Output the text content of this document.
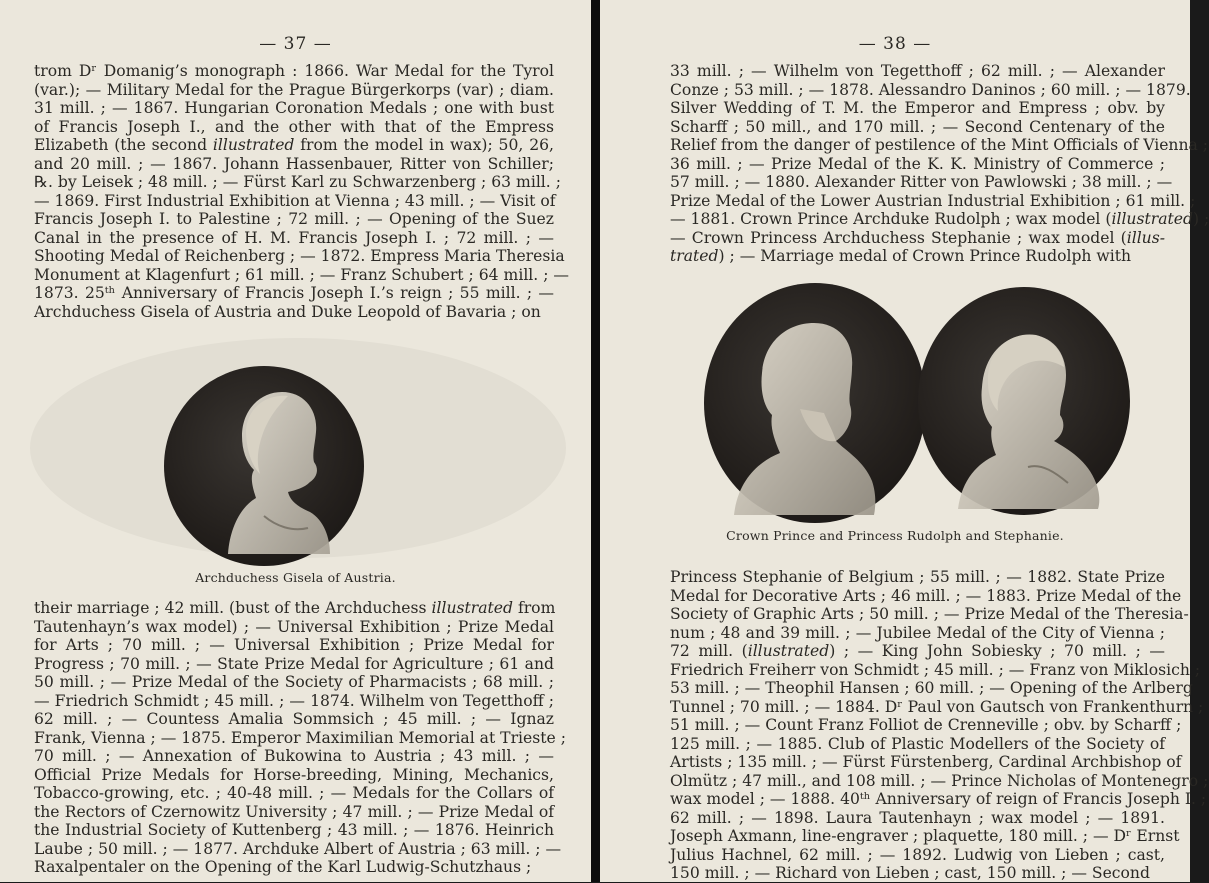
— 37 —
trom Dʳ Domanig’s monograph : 1866. War Medal for the Tyrol
(var.); — Military Medal for the Prague Bürgerkorps (var) ; diam.
31 mill. ; — 1867. Hungarian Coronation Medals ; one with bust
of Francis Joseph I., and the other with that of the Empress
Elizabeth (the second illustrated from the model in wax); 50, 26,
and 20 mill. ; — 1867. Johann Hassenbauer, Ritter von Schiller;
℞. by Leisek ; 48 mill. ; — Fürst Karl zu Schwarzenberg ; 63 mill. ;
— 1869. First Industrial Exhibition at Vienna ; 43 mill. ; — Visit of
Francis Joseph I. to Palestine ; 72 mill. ; — Opening of the Suez
Canal in the presence of H. M. Francis Joseph I. ; 72 mill. ; —
Shooting Medal of Reichenberg ; — 1872. Empress Maria Theresia
Monument at Klagenfurt ; 61 mill. ; — Franz Schubert ; 64 mill. ; —
1873. 25ᵗʰ Anniversary of Francis Joseph I.’s reign ; 55 mill. ; —
Archduchess Gisela of Austria and Duke Leopold of Bavaria ; on
Archduchess Gisela of Austria.
their marriage ; 42 mill. (bust of the Archduchess illustrated from
Tautenhayn’s wax model) ; — Universal Exhibition ; Prize Medal
for Arts ; 70 mill. ; — Universal Exhibition ; Prize Medal for
Progress ; 70 mill. ; — State Prize Medal for Agriculture ; 61 and
50 mill. ; — Prize Medal of the Society of Pharmacists ; 68 mill. ;
— Friedrich Schmidt ; 45 mill. ; — 1874. Wilhelm von Tegetthoff ;
62 mill. ; — Countess Amalia Sommsich ; 45 mill. ; — Ignaz
Frank, Vienna ; — 1875. Emperor Maximilian Memorial at Trieste ;
70 mill. ; — Annexation of Bukowina to Austria ; 43 mill. ; —
Official Prize Medals for Horse-breeding, Mining, Mechanics,
Tobacco-growing, etc. ; 40-48 mill. ; — Medals for the Collars of
the Rectors of Czernowitz University ; 47 mill. ; — Prize Medal of
the Industrial Society of Kuttenberg ; 43 mill. ; — 1876. Heinrich
Laube ; 50 mill. ; — 1877. Archduke Albert of Austria ; 63 mill. ; —
Raxalpentaler on the Opening of the Karl Ludwig-Schutzhaus ;
— 38 —
33 mill. ; — Wilhelm von Tegetthoff ; 62 mill. ; — Alexander
Conze ; 53 mill. ; — 1878. Alessandro Daninos ; 60 mill. ; — 1879.
Silver Wedding of T. M. the Emperor and Empress ; obv. by
Scharff ; 50 mill., and 170 mill. ; — Second Centenary of the
Relief from the danger of pestilence of the Mint Officials of Vienna ;
36 mill. ; — Prize Medal of the K. K. Ministry of Commerce ;
57 mill. ; — 1880. Alexander Ritter von Pawlowski ; 38 mill. ; —
Prize Medal of the Lower Austrian Industrial Exhibition ; 61 mill. ;
— 1881. Crown Prince Archduke Rudolph ; wax model (illustrated) ;
— Crown Princess Archduchess Stephanie ; wax model (illus-
trated) ; — Marriage medal of Crown Prince Rudolph with
Crown Prince and Princess Rudolph and Stephanie.
Princess Stephanie of Belgium ; 55 mill. ; — 1882. State Prize
Medal for Decorative Arts ; 46 mill. ; — 1883. Prize Medal of the
Society of Graphic Arts ; 50 mill. ; — Prize Medal of the Theresia-
num ; 48 and 39 mill. ; — Jubilee Medal of the City of Vienna ;
72 mill. (illustrated) ; — King John Sobiesky ; 70 mill. ; —
Friedrich Freiherr von Schmidt ; 45 mill. ; — Franz von Miklosich ;
53 mill. ; — Theophil Hansen ; 60 mill. ; — Opening of the Arlberg
Tunnel ; 70 mill. ; — 1884. Dʳ Paul von Gautsch von Frankenthurn ;
51 mill. ; — Count Franz Folliot de Crenneville ; obv. by Scharff ;
125 mill. ; — 1885. Club of Plastic Modellers of the Society of
Artists ; 135 mill. ; — Fürst Fürstenberg, Cardinal Archbishop of
Olmütz ; 47 mill., and 108 mill. ; — Prince Nicholas of Montenegro ;
wax model ; — 1888. 40ᵗʰ Anniversary of reign of Francis Joseph I. ;
62 mill. ; — 1898. Laura Tautenhayn ; wax model ; — 1891.
Joseph Axmann, line-engraver ; plaquette, 180 mill. ; — Dʳ Ernst
Julius Hachnel, 62 mill. ; — 1892. Ludwig von Lieben ; cast,
150 mill. ; — Richard von Lieben ; cast, 150 mill. ; — Second
